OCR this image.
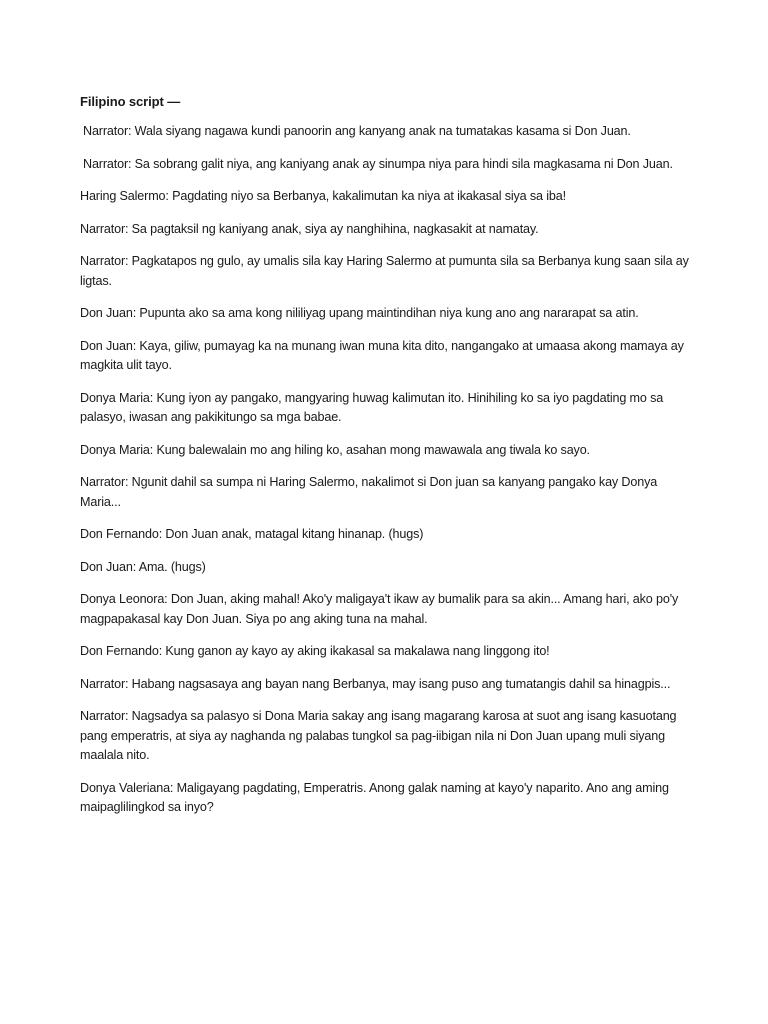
Filipino script —

Narrator: Wala siyang nagawa kundi panoorin ang kanyang anak na tumatakas kasama si Don Juan.

Narrator: Sa sobrang galit niya, ang kaniyang anak ay sinumpa niya para hindi sila magkasama ni Don Juan.

Haring Salermo: Pagdating niyo sa Berbanya, kakalimutan ka niya at ikakasal siya sa iba!

Narrator: Sa pagtaksil ng kaniyang anak, siya ay nanghihina, nagkasakit at namatay.

Narrator: Pagkatapos ng gulo, ay umalis sila kay Haring Salermo at pumunta sila sa Berbanya kung saan sila ay ligtas.

Don Juan: Pupunta ako sa ama kong nililiyag upang maintindihan niya kung ano ang nararapat sa atin.

Don Juan: Kaya, giliw, pumayag ka na munang iwan muna kita dito, nangangako at umaasa akong mamaya ay magkita ulit tayo.

Donya Maria: Kung iyon ay pangako, mangyaring huwag kalimutan ito. Hinihiling ko sa iyo pagdating mo sa palasyo, iwasan ang pakikitungo sa mga babae.

Donya Maria: Kung balewalain mo ang hiling ko, asahan mong mawawala ang tiwala ko sayo.

Narrator: Ngunit dahil sa sumpa ni Haring Salermo, nakalimot si Don juan sa kanyang pangako kay Donya Maria...

Don Fernando: Don Juan anak, matagal kitang hinanap. (hugs)

Don Juan: Ama. (hugs)

Donya Leonora: Don Juan, aking mahal! Ako'y maligaya't ikaw ay bumalik para sa akin... Amang hari, ako po'y magpapakasal kay Don Juan. Siya po ang aking tuna na mahal.

Don Fernando: Kung ganon ay kayo ay aking ikakasal sa makalawa nang linggong ito!

Narrator: Habang nagsasaya ang bayan nang Berbanya, may isang puso ang tumatangis dahil sa hinagpis...

Narrator: Nagsadya sa palasyo si Dona Maria sakay ang isang magarang karosa at suot ang isang kasuotang pang emperatris, at siya ay naghanda ng palabas tungkol sa pag-iibigan nila ni Don Juan upang muli siyang maalala nito.

Donya Valeriana: Maligayang pagdating, Emperatris. Anong galak naming at kayo'y naparito. Ano ang aming maipaglilingkod sa inyo?
